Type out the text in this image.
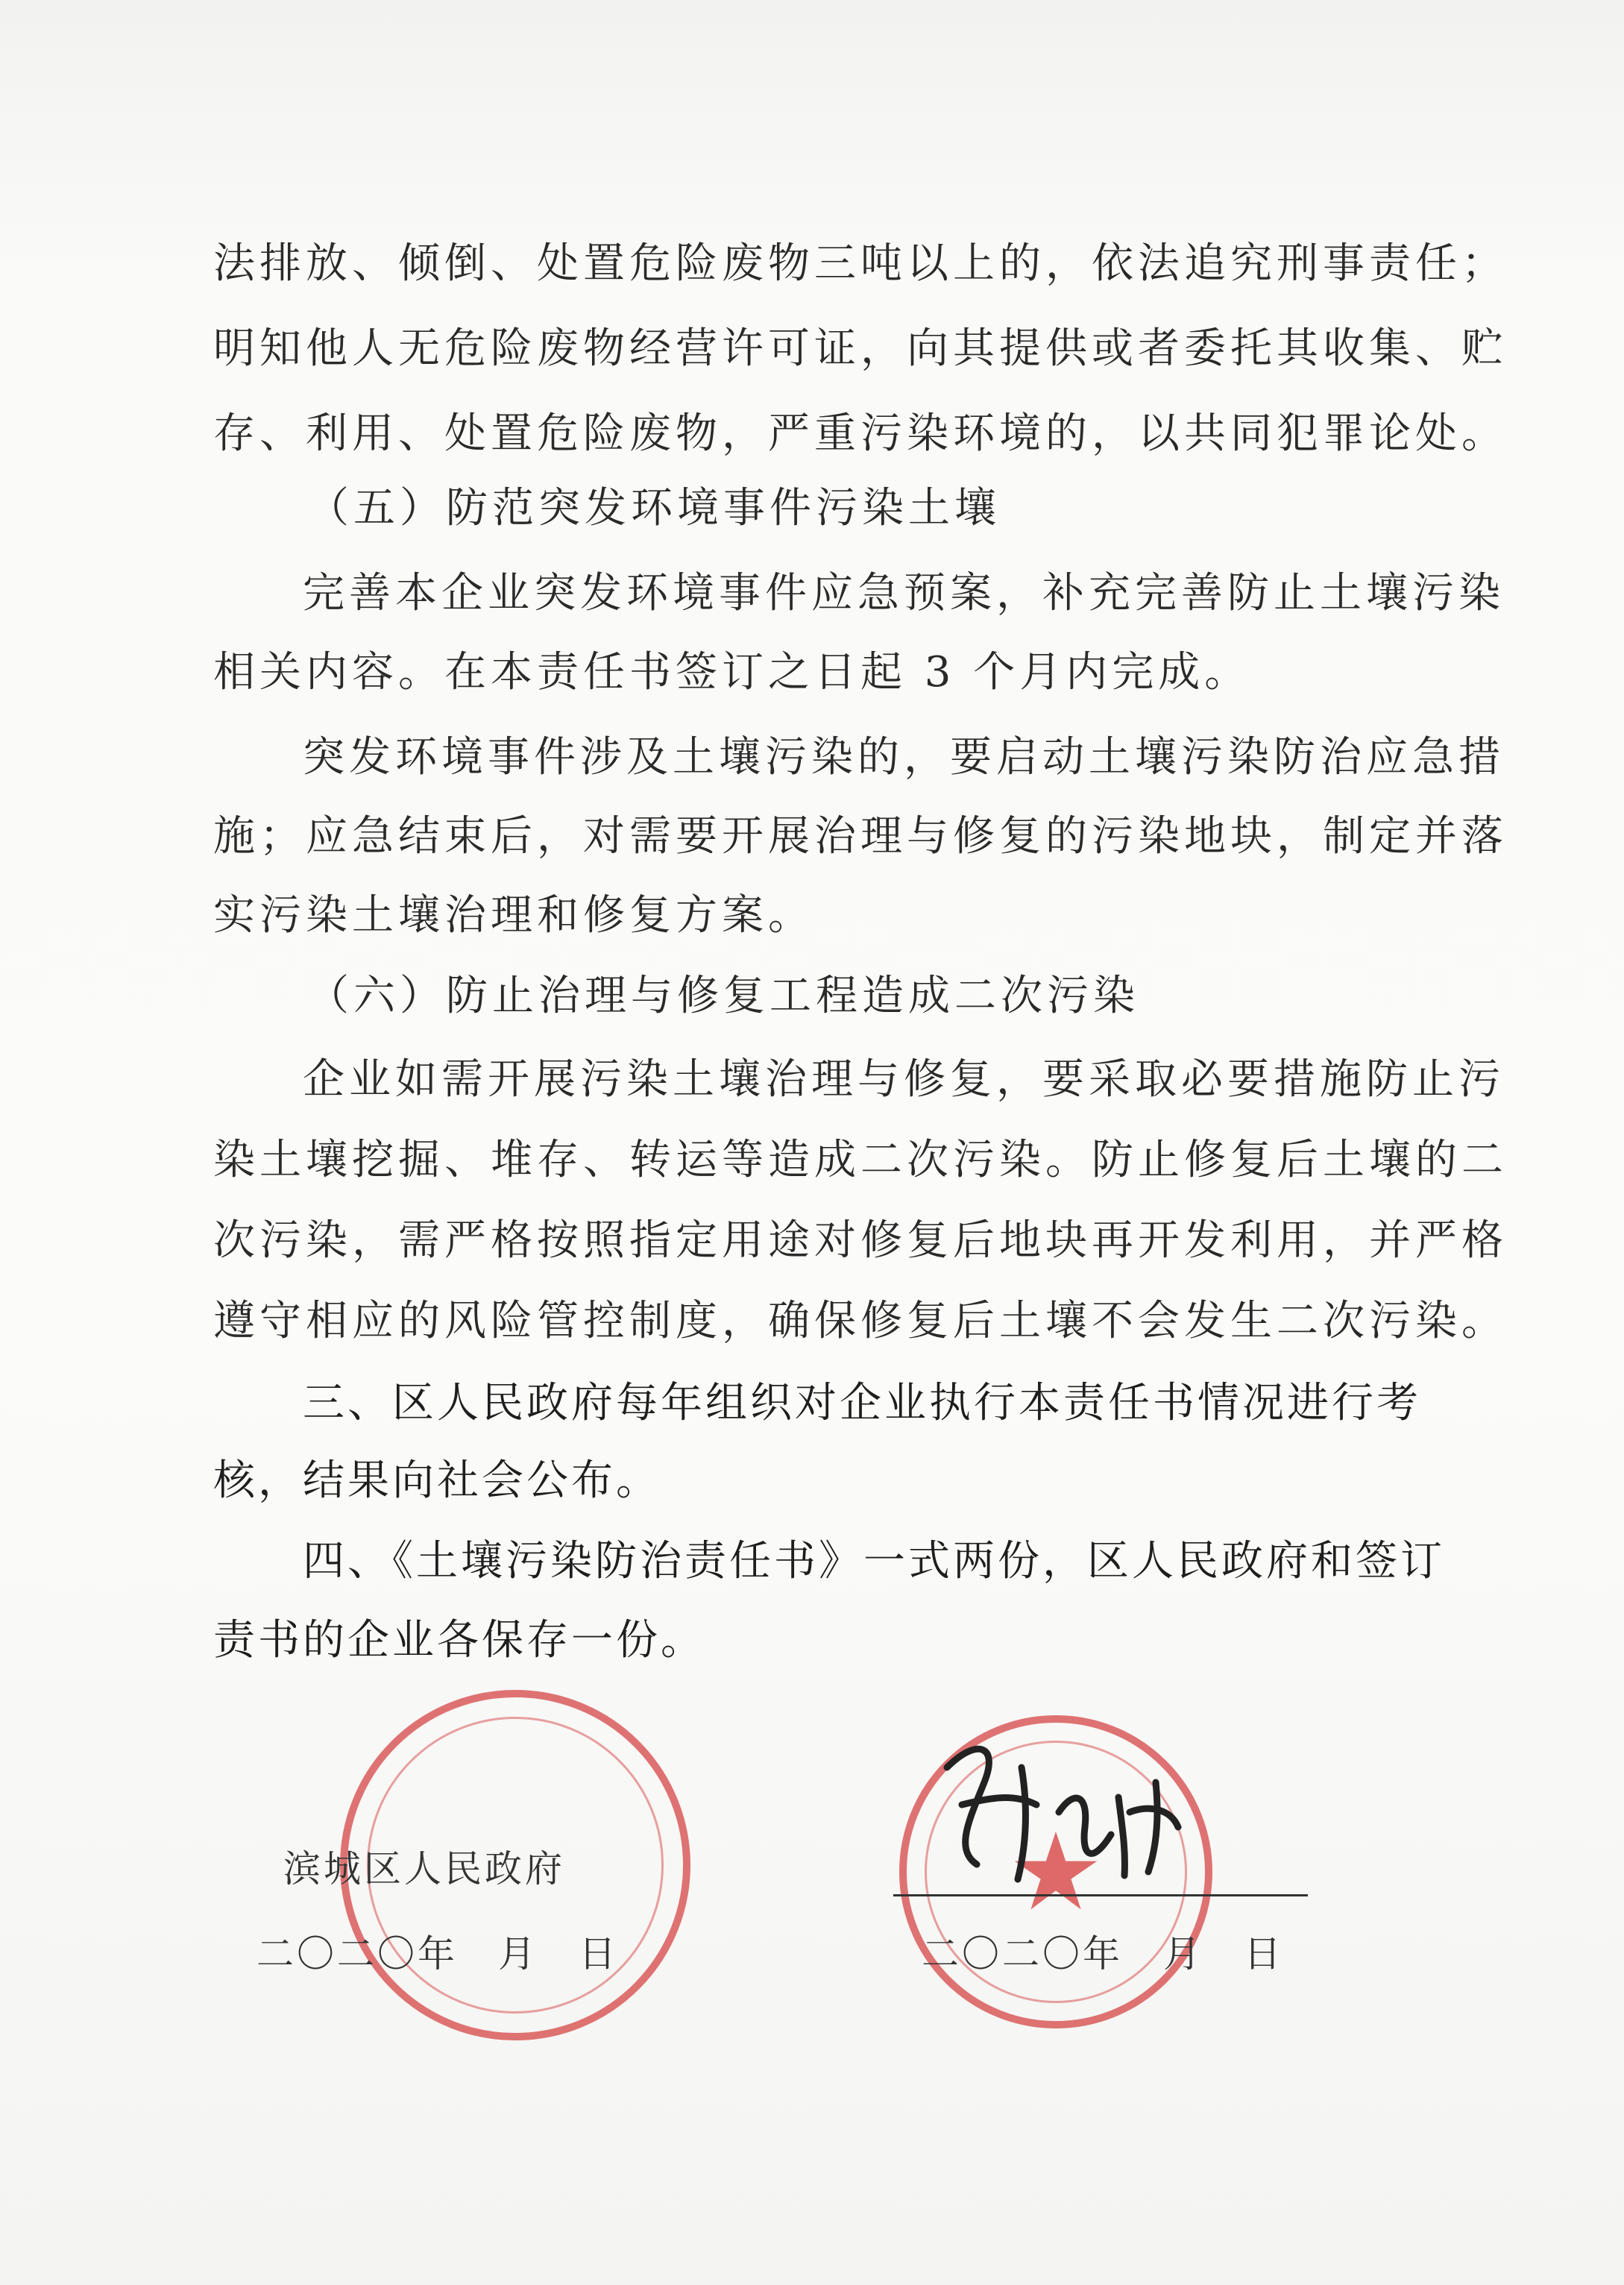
法排放、倾倒、处置危险废物三吨以上的，依法追究刑事责任；
明知他人无危险废物经营许可证，向其提供或者委托其收集、贮
存、利用、处置危险废物，严重污染环境的，以共同犯罪论处。
（五）防范突发环境事件污染土壤
完善本企业突发环境事件应急预案，补充完善防止土壤污染
相关内容。在本责任书签订之日起 3 个月内完成。
突发环境事件涉及土壤污染的，要启动土壤污染防治应急措
施；应急结束后，对需要开展治理与修复的污染地块，制定并落
实污染土壤治理和修复方案。
（六）防止治理与修复工程造成二次污染
企业如需开展污染土壤治理与修复，要采取必要措施防止污
染土壤挖掘、堆存、转运等造成二次污染。防止修复后土壤的二
次污染，需严格按照指定用途对修复后地块再开发利用，并严格
遵守相应的风险管控制度，确保修复后土壤不会发生二次污染。
三、区人民政府每年组织对企业执行本责任书情况进行考
核，结果向社会公布。
四、《土壤污染防治责任书》一式两份，区人民政府和签订
责书的企业各保存一份。
滨城区人民政府
二〇二〇年　月　日	二〇二〇年　月　日
